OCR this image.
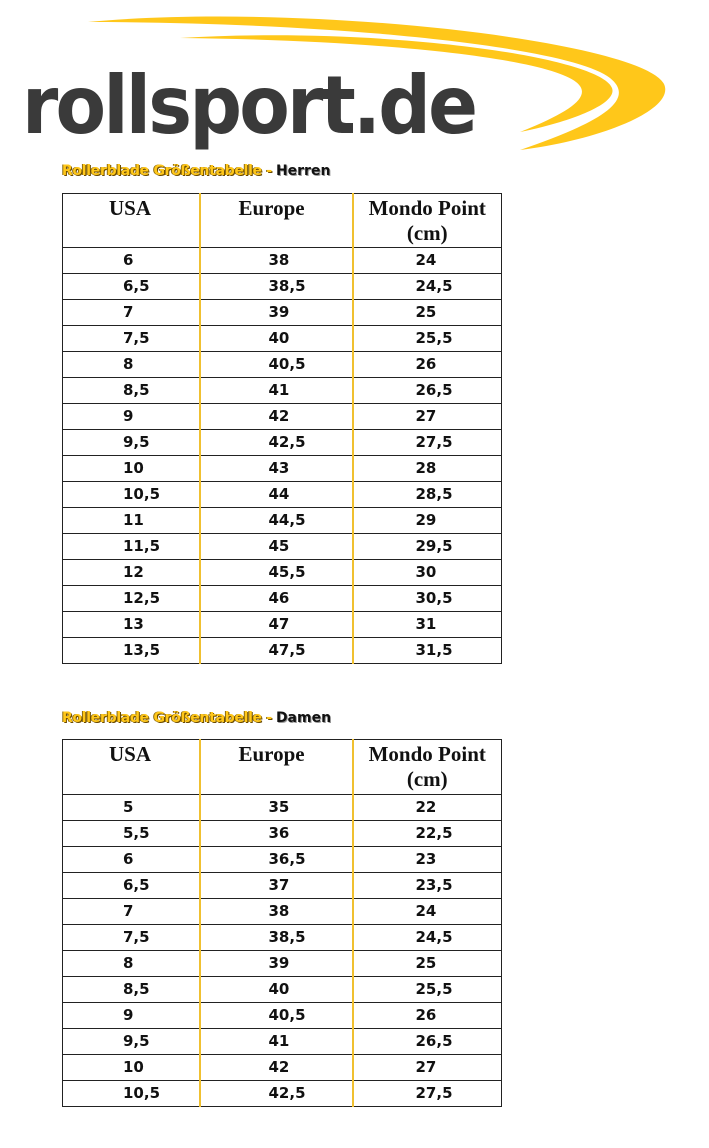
rollsport.de
Rollerblade Größentabelle - Herren
USA	Europe	Mondo Point
(cm)
6	38	24
6,5	38,5	24,5
7	39	25
7,5	40	25,5
8	40,5	26
8,5	41	26,5
9	42	27
9,5	42,5	27,5
10	43	28
10,5	44	28,5
11	44,5	29
11,5	45	29,5
12	45,5	30
12,5	46	30,5
13	47	31
13,5	47,5	31,5
Rollerblade Größentabelle - Damen
USA	Europe	Mondo Point
(cm)
5	35	22
5,5	36	22,5
6	36,5	23
6,5	37	23,5
7	38	24
7,5	38,5	24,5
8	39	25
8,5	40	25,5
9	40,5	26
9,5	41	26,5
10	42	27
10,5	42,5	27,5
